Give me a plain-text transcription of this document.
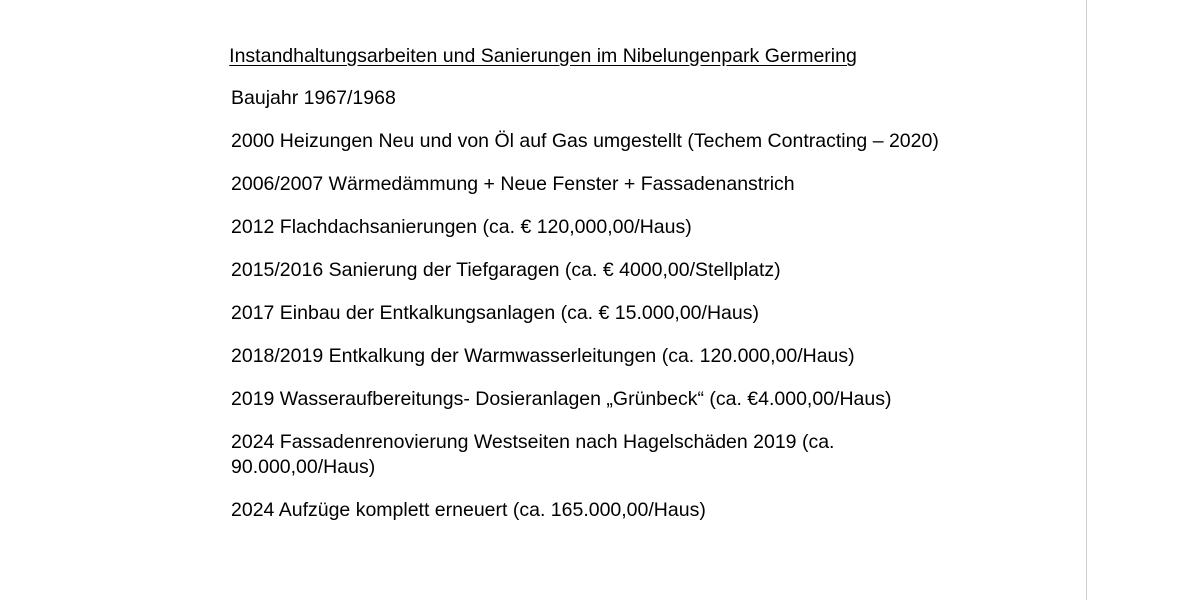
Instandhaltungsarbeiten und Sanierungen im Nibelungenpark Germering

Baujahr 1967/1968

2000 Heizungen Neu und von Öl auf Gas umgestellt (Techem Contracting – 2020)

2006/2007 Wärmedämmung + Neue Fenster + Fassadenanstrich

2012 Flachdachsanierungen (ca. € 120,000,00/Haus)

2015/2016 Sanierung der Tiefgaragen (ca. € 4000,00/Stellplatz)

2017 Einbau der Entkalkungsanlagen (ca. € 15.000,00/Haus)

2018/2019 Entkalkung der Warmwasserleitungen (ca. 120.000,00/Haus)

2019 Wasseraufbereitungs- Dosieranlagen „Grünbeck“ (ca. €4.000,00/Haus)

2024 Fassadenrenovierung Westseiten nach Hagelschäden 2019 (ca. 90.000,00/Haus)

2024 Aufzüge komplett erneuert (ca. 165.000,00/Haus)
